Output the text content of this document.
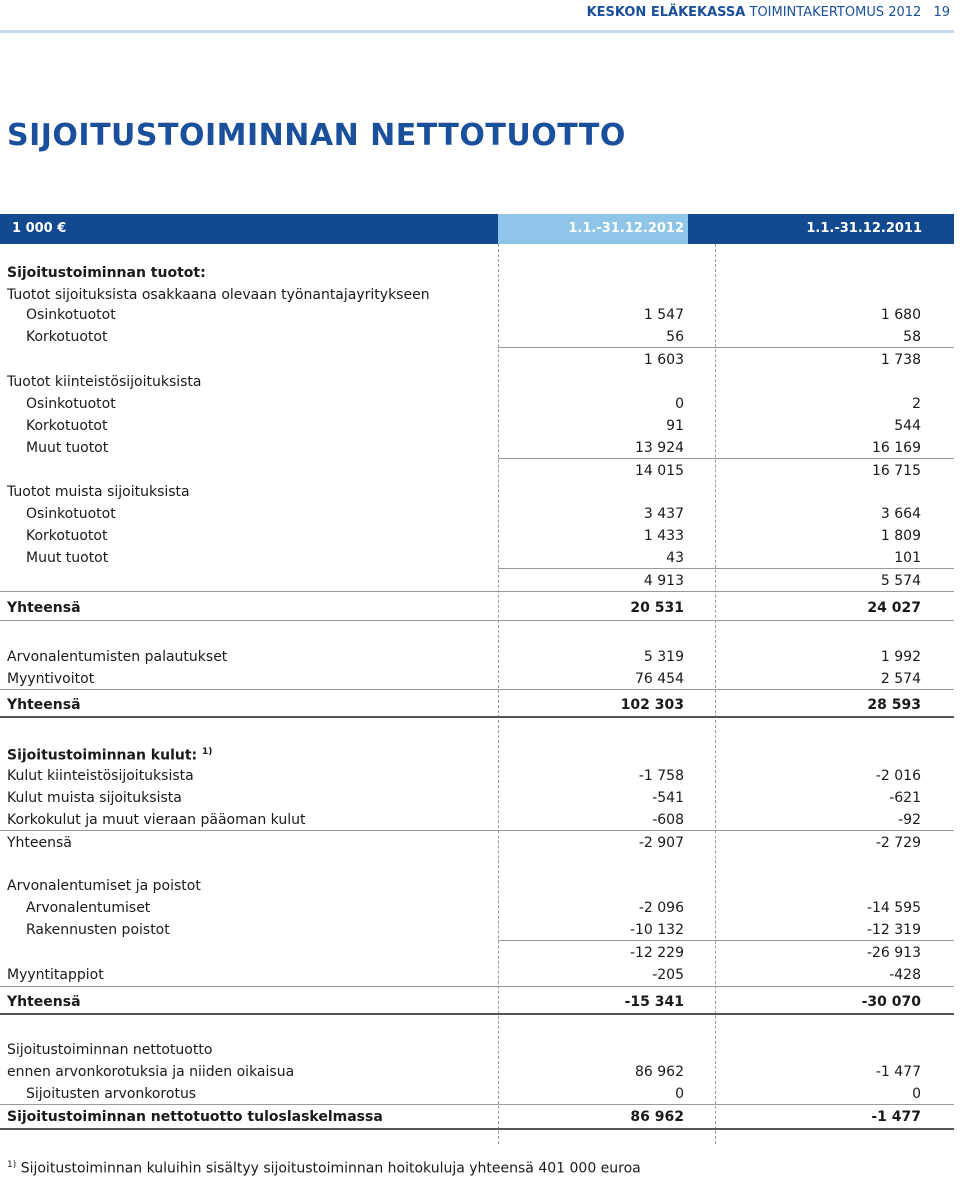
KESKON ELÄKEKASSA TOIMINTAKERTOMUS 2012 19
SIJOITUSTOIMINNAN NETTOTUOTTO
1 000 €	1.1.-31.12.2012	1.1.-31.12.2011
Sijoitustoiminnan tuotot:
Tuotot sijoituksista osakkaana olevaan työnantajayritykseen
Osinkotuotot	1 547	1 680
Korkotuotot	56	58
1 603	1 738
Tuotot kiinteistösijoituksista
Osinkotuotot	0	2
Korkotuotot	91	544
Muut tuotot	13 924	16 169
14 015	16 715
Tuotot muista sijoituksista
Osinkotuotot	3 437	3 664
Korkotuotot	1 433	1 809
Muut tuotot	43	101
4 913	5 574
Yhteensä	20 531	24 027
Arvonalentumisten palautukset	5 319	1 992
Myyntivoitot	76 454	2 574
Yhteensä	102 303	28 593
Sijoitustoiminnan kulut: $^{1)}$
Kulut kiinteistösijoituksista	-1 758	-2 016
Kulut muista sijoituksista	-541	-621
Korkokulut ja muut vieraan pääoman kulut	-608	-92
Yhteensä	-2 907	-2 729
Arvonalentumiset ja poistot
Arvonalentumiset	-2 096	-14 595
Rakennusten poistot	-10 132	-12 319
-12 229	-26 913
Myyntitappiot	-205	-428
Yhteensä	-15 341	-30 070
Sijoitustoiminnan nettotuotto
ennen arvonkorotuksia ja niiden oikaisua	86 962	-1 477
Sijoitusten arvonkorotus	0	0
Sijoitustoiminnan nettotuotto tuloslaskelmassa	86 962	-1 477
$^{1)}$ Sijoitustoiminnan kuluihin sisältyy sijoitustoiminnan hoitokuluja yhteensä 401 000 euroa
